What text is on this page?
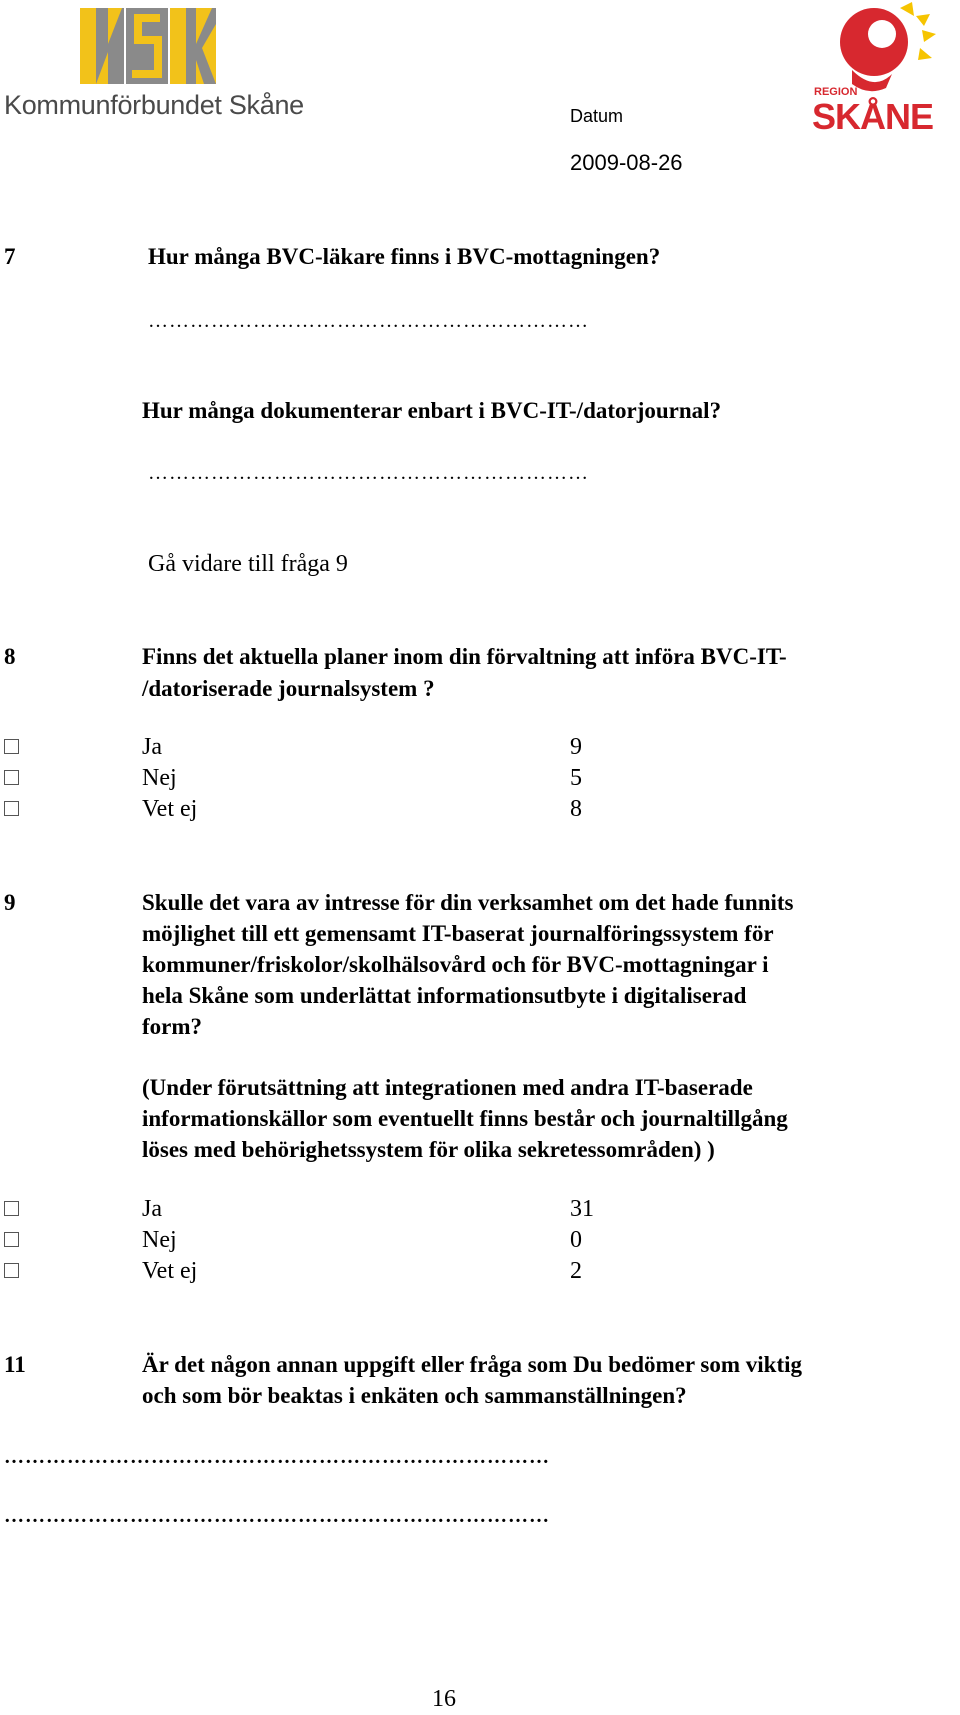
Kommunförbundet Skåne	Datum
2009-08-26
REGION
SKÅNE
7	Hur många BVC-läkare finns i BVC-mottagningen?
………………………………………………………
Hur många dokumenterar enbart i BVC-IT-/datorjournal?
………………………………………………………
Gå vidare till fråga 9
8	Finns det aktuella planer inom din förvaltning att införa BVC-IT-
/datoriserade journalsystem ?
Ja	9
Nej	5
Vet ej	8
9	Skulle det vara av intresse för din verksamhet om det hade funnits
möjlighet till ett gemensamt IT-baserat journalföringssystem för
kommuner/friskolor/skolhälsovård och för BVC-mottagningar i
hela Skåne som underlättat informationsutbyte i digitaliserad
form?
(Under förutsättning att integrationen med andra IT-baserade
informationskällor som eventuellt finns består och journaltillgång
löses med behörighetssystem för olika sekretessområden) )
Ja	31
Nej	0
Vet ej	2
11	Är det någon annan uppgift eller fråga som Du bedömer som viktig
och som bör beaktas i enkäten och sammanställningen?
……………………………………………………………………
……………………………………………………………………
16
